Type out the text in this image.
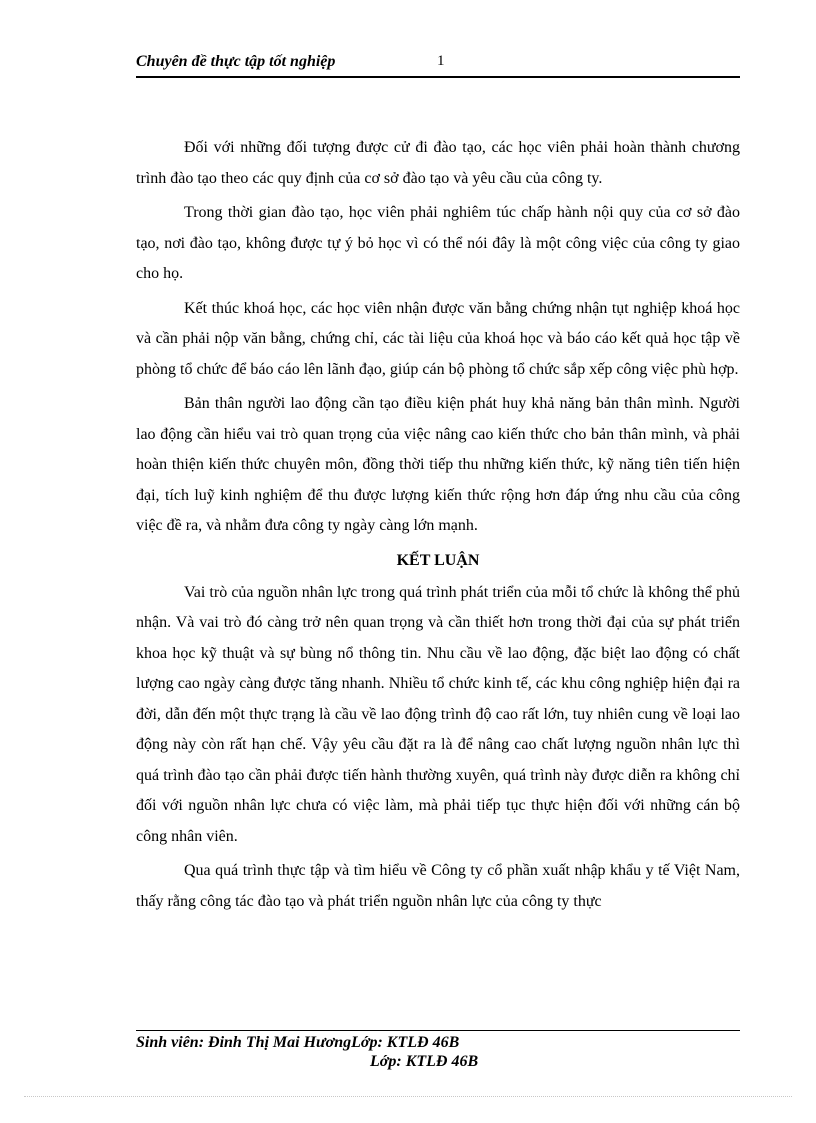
Chuyên đề thực tập tốt nghiệp	1

Đối với những đối tượng được cử đi đào tạo, các học viên phải hoàn thành chương trình đào tạo theo các quy định của cơ sở đào tạo và yêu cầu của công ty.

Trong thời gian đào tạo, học viên phải nghiêm túc chấp hành nội quy của cơ sở đào tạo, nơi đào tạo, không được tự ý bỏ học vì có thể nói đây là một công việc của công ty giao cho họ.

Kết thúc khoá học, các học viên nhận được văn bằng chứng nhận tụt nghiệp khoá học và cần phải nộp văn bằng, chứng chỉ, các tài liệu của khoá học và báo cáo kết quả học tập về phòng tổ chức để báo cáo lên lãnh đạo, giúp cán bộ phòng tổ chức sắp xếp công việc phù hợp.

Bản thân người lao động cần tạo điều kiện phát huy khả năng bản thân mình. Người lao động cần hiểu vai trò quan trọng của việc nâng cao kiến thức cho bản thân mình, và phải hoàn thiện kiến thức chuyên môn, đồng thời tiếp thu những kiến thức, kỹ năng tiên tiến hiện đại, tích luỹ kinh nghiệm để thu được lượng kiến thức rộng hơn đáp ứng nhu cầu của công việc đề ra, và nhằm đưa công ty ngày càng lớn mạnh.

KẾT LUẬN

Vai trò của nguồn nhân lực trong quá trình phát triển của mỗi tổ chức là không thể phủ nhận. Và vai trò đó càng trở nên quan trọng và cần thiết hơn trong thời đại của sự phát triển khoa học kỹ thuật và sự bùng nổ thông tin. Nhu cầu về lao động, đặc biệt lao động có chất lượng cao ngày càng được tăng nhanh. Nhiều tổ chức kinh tế, các khu công nghiệp hiện đại ra đời, dẫn đến một thực trạng là cầu về lao động trình độ cao rất lớn, tuy nhiên cung về loại lao động này còn rất hạn chế. Vậy yêu cầu đặt ra là để nâng cao chất lượng nguồn nhân lực thì quá trình đào tạo cần phải được tiến hành thường xuyên, quá trình này được diễn ra không chỉ đối với nguồn nhân lực chưa có việc làm, mà phải tiếp tục thực hiện đối với những cán bộ công nhân viên.

Qua quá trình thực tập và tìm hiểu về Công ty cổ phần xuất nhập khẩu y tế Việt Nam, thấy rằng công tác đào tạo và phát triển nguồn nhân lực của công ty thực

Sinh viên: Đinh Thị Mai HươngLớp: KTLĐ 46B
Lớp: KTLĐ 46B
